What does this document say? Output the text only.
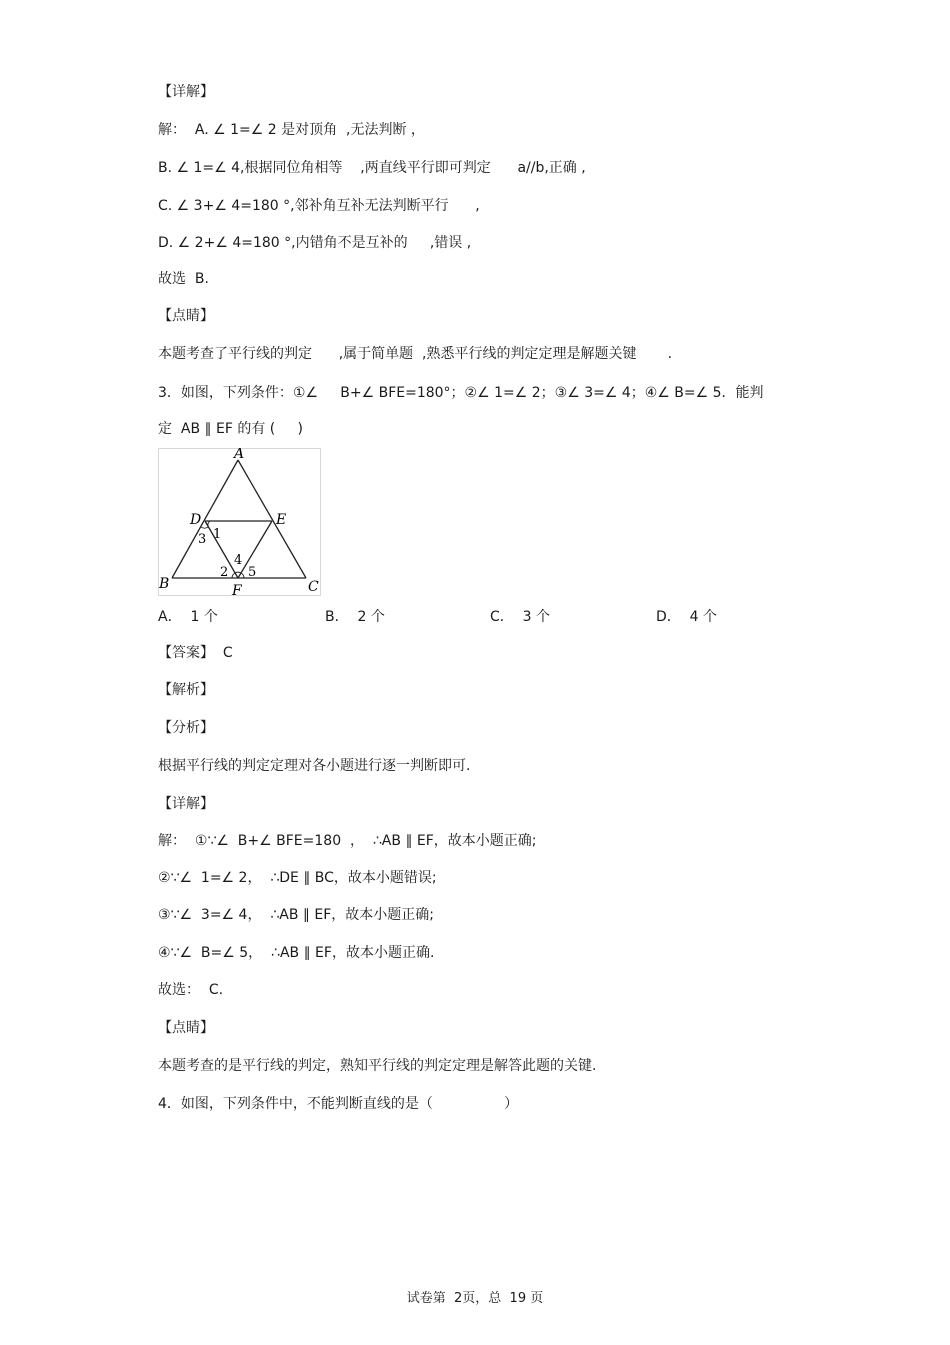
【详解】
解：  A. ∠ 1=∠ 2 是对顶角  ,无法判断 ，
B. ∠ 1=∠ 4,根据同位角相等    ,两直线平行即可判定      a//b,正确 ,
C. ∠ 3+∠ 4=180 °,邻补角互补无法判断平行      ,
D. ∠ 2+∠ 4=180 °,内错角不是互补的     ,错误 ,
故选  B.
【点睛】
本题考查了平行线的判定      ,属于简单题  ,熟悉平行线的判定定理是解题关键       .
3．如图，下列条件：①∠     B+∠ BFE=180°；②∠ 1=∠ 2；③∠ 3=∠ 4；④∠ B=∠ 5．能判
定  AB ∥ EF 的有 (     )
A
B	C
D	E
F
1
2
3
4
5
A．  1 个	B．  2 个	C．  3 个	D．  4 个
【答案】  C
【解析】
【分析】
根据平行线的判定定理对各小题进行逐一判断即可.
【详解】
解：  ①∵∠  B+∠ BFE=180  ，  ∴AB ∥ EF，故本小题正确;
②∵∠  1=∠ 2，  ∴DE ∥ BC，故本小题错误;
③∵∠  3=∠ 4，  ∴AB ∥ EF，故本小题正确;
④∵∠  B=∠ 5，  ∴AB ∥ EF，故本小题正确.
故选：  C.
【点睛】
本题考查的是平行线的判定，熟知平行线的判定定理是解答此题的关键.
4．如图，下列条件中，不能判断直线的是（                ）
试卷第  2页，总  19 页
